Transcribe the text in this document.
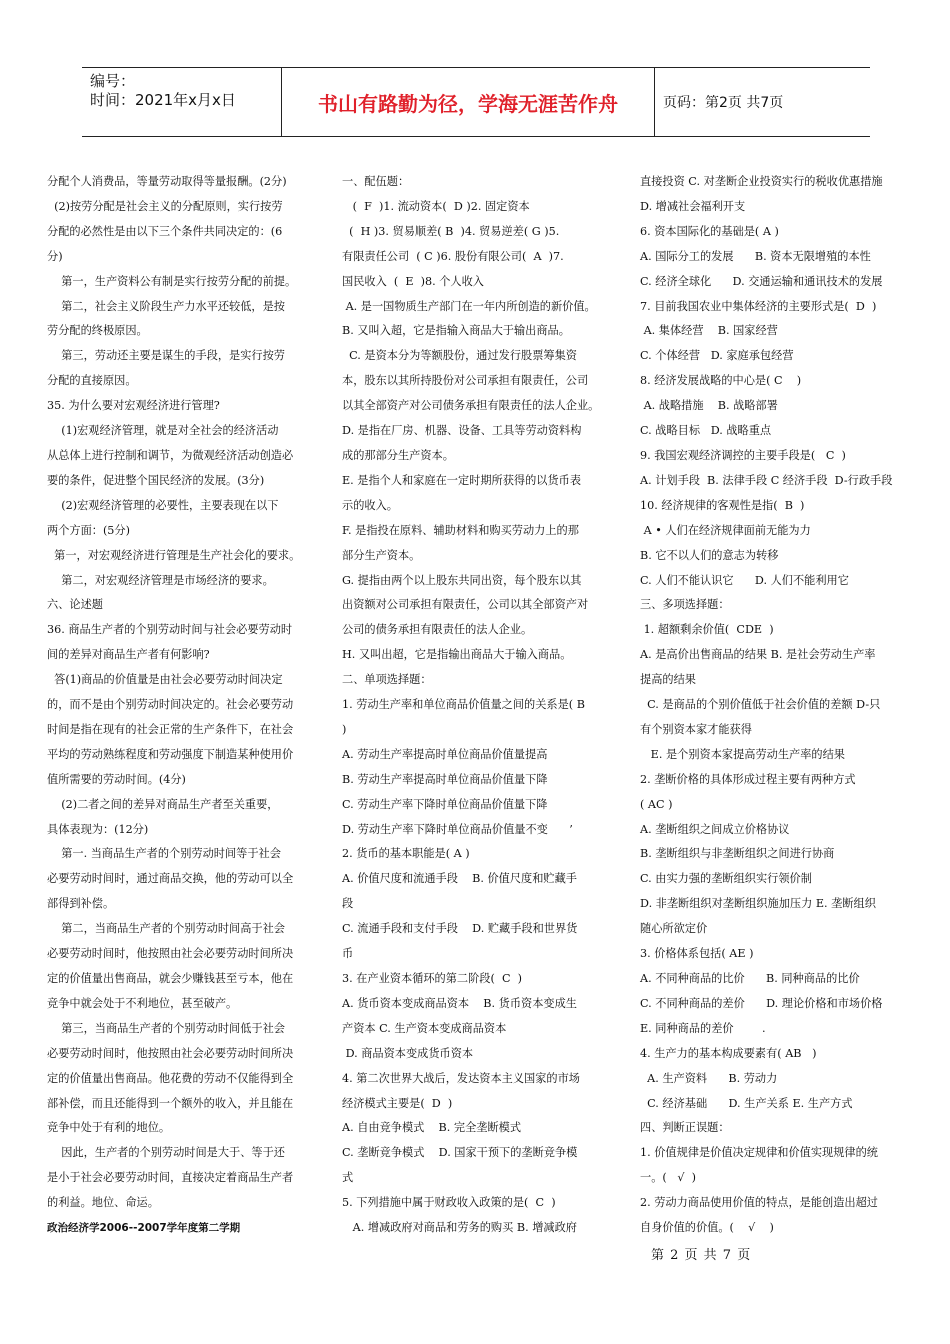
编号：
时间：2021年x月x日	书山有路勤为径，学海无涯苦作舟	页码：第2页 共7页

分配个人消费品，等量劳动取得等量报酬。(2分)

(2)按劳分配是社会主义的分配原则，实行按劳

分配的必然性是由以下三个条件共同决定的：(6

分)

第一，生产资料公有制是实行按劳分配的前提。

第二，社会主义阶段生产力水平还较低，是按

劳分配的终极原因。

第三，劳动还主要是谋生的手段，是实行按劳

分配的直接原因。

35. 为什么要对宏观经济进行管理?

(1)宏观经济管理，就是对全社会的经济活动

从总体上进行控制和调节，为微观经济活动创造必

要的条件，促进整个国民经济的发展。(3分)

(2)宏观经济管理的必要性，主要表现在以下

两个方面：(5分)

第一，对宏观经济进行管理是生产社会化的要求。

第二，对宏观经济管理是市场经济的要求。

六、论述题

36. 商品生产者的个别劳动时间与社会必要劳动时

间的差异对商品生产者有何影响?

答(1)商品的价值量是由社会必要劳动时间决定

的，而不是由个别劳动时间决定的。社会必要劳动

时间是指在现有的社会正常的生产条件下，在社会

平均的劳动熟练程度和劳动强度下制造某种使用价

值所需要的劳动时间。(4分)

(2)二者之间的差异对商品生产者至关重要，

具体表现为：(12分)

第一. 当商品生产者的个别劳动时间等于社会

必要劳动时间时，通过商品交换，他的劳动可以全

部得到补偿。

第二，当商品生产者的个别劳动时间高于社会

必要劳动时间时，他按照由社会必要劳动时间所决

定的价值量出售商品，就会少赚钱甚至亏本，他在

竞争中就会处于不利地位，甚至破产。

第三，当商品生产者的个别劳动时间低于社会

必要劳动时间时，他按照由社会必要劳动时间所决

定的价值量出售商品。他花费的劳动不仅能得到全

部补偿，而且还能得到一个额外的收入，并且能在

竞争中处于有利的地位。

因此，生产者的个别劳动时间是大于、等于还

是小于社会必要劳动时间，直接决定着商品生产者

的利益。地位、命运。

政治经济学2006--2007学年度第二学期

一、配伍题：

(  F  )1. 流动资本(  D )2. 固定资本

(  H )3. 贸易顺差( B  )4. 贸易逆差( G )5.

有限责任公司  ( C )6. 股份有限公司(  A  )7.

国民收入  (  E  )8. 个人收入

A. 是一国物质生产部门在一年内所创造的新价值。

B. 又叫入超，它是指输入商品大于输出商品。

C. 是资本分为等额股份，通过发行股票筹集资

本，股东以其所持股份对公司承担有限责任，公司

以其全部资产对公司债务承担有限责任的法人企业。

D. 是指在厂房、机器、设备、工具等劳动资料构

成的那部分生产资本。

E. 是指个人和家庭在一定时期所获得的以货币表

示的收入。

F. 是指投在原料、辅助材料和购买劳动力上的那

部分生产资本。

G. 提指由两个以上股东共同出资，每个股东以其

出资额对公司承担有限责任，公司以其全部资产对

公司的债务承担有限责任的法人企业。

H. 又叫出超，它是指输出商品大于输入商品。

二、单项选择题：

1. 劳动生产率和单位商品价值量之间的关系是( B

)

A. 劳动生产率提高时单位商品价值量提高

B. 劳动生产率提高时单位商品价值量下降

C. 劳动生产率下降时单位商品价值量下降

D. 劳动生产率下降时单位商品价值量不变      ’

2. 货币的基本职能是( A )

A. 价值尺度和流通手段    B. 价值尺度和贮藏手

段

C. 流通手段和支付手段    D. 贮藏手段和世界货

币

3. 在产业资本循环的第二阶段(  C  )

A. 货币资本变成商品资本    B. 货币资本变成生

产资本 C. 生产资本变成商品资本

D. 商品资本变成货币资本

4. 第二次世界大战后，发达资本主义国家的市场

经济模式主要是(  D  )

A. 自由竞争模式    B. 完全垄断模式

C. 垄断竞争模式    D. 国家干预下的垄断竞争模

式

5. 下列措施中属于财政收入政策的是(  C  )

A. 增减政府对商品和劳务的购买 B. 增减政府

直接投资 C. 对垄断企业投资实行的税收优惠措施

D. 增减社会福利开支

6. 资本国际化的基础是( A )

A. 国际分工的发展      B. 资本无限增殖的本性

C. 经济全球化      D. 交通运输和通讯技术的发展

7. 目前我国农业中集体经济的主要形式是(  D  )

A. 集体经营    B. 国家经营

C. 个体经营   D. 家庭承包经营

8. 经济发展战略的中心是( C    )

A. 战略措施    B. 战略部署

C. 战略目标   D. 战略重点

9. 我国宏观经济调控的主要手段是(   C  )

A. 计划手段  B. 法律手段 C 经济手段  D-行政手段

10. 经济规律的客观性是指(  B  )

A • 人们在经济规律面前无能为力

B. 它不以人们的意志为转移

C. 人们不能认识它      D. 人们不能利用它

三、多项选择题：

1. 超额剩余价值(  CDE  )

A. 是高价出售商品的结果 B. 是社会劳动生产率

提高的结果

C. 是商品的个别价值低于社会价值的差额 D-只

有个别资本家才能获得

E. 是个别资本家提高劳动生产率的结果

2. 垄断价格的具体形成过程主要有两种方式

( AC )

A. 垄断组织之间成立价格协议

B. 垄断组织与非垄断组织之间进行协商

C. 由实力强的垄断组织实行领价制

D. 非垄断组织对垄断组织施加压力 E. 垄断组织

随心所欲定价

3. 价格体系包括( AE )

A. 不同种商品的比价      B. 同种商品的比价

C. 不同种商品的差价      D. 理论价格和市场价格

E. 同种商品的差价        .

4. 生产力的基本构成要素有( AB   )

A. 生产资料      B. 劳动力

C. 经济基础      D. 生产关系 E. 生产方式

四、判断正误题：

1. 价值规律是价值决定规律和价值实现规律的统

一。(   √  )

2. 劳动力商品使用价值的特点，是能创造出超过

自身价值的价值。(    √    )

第 2 页 共 7 页
